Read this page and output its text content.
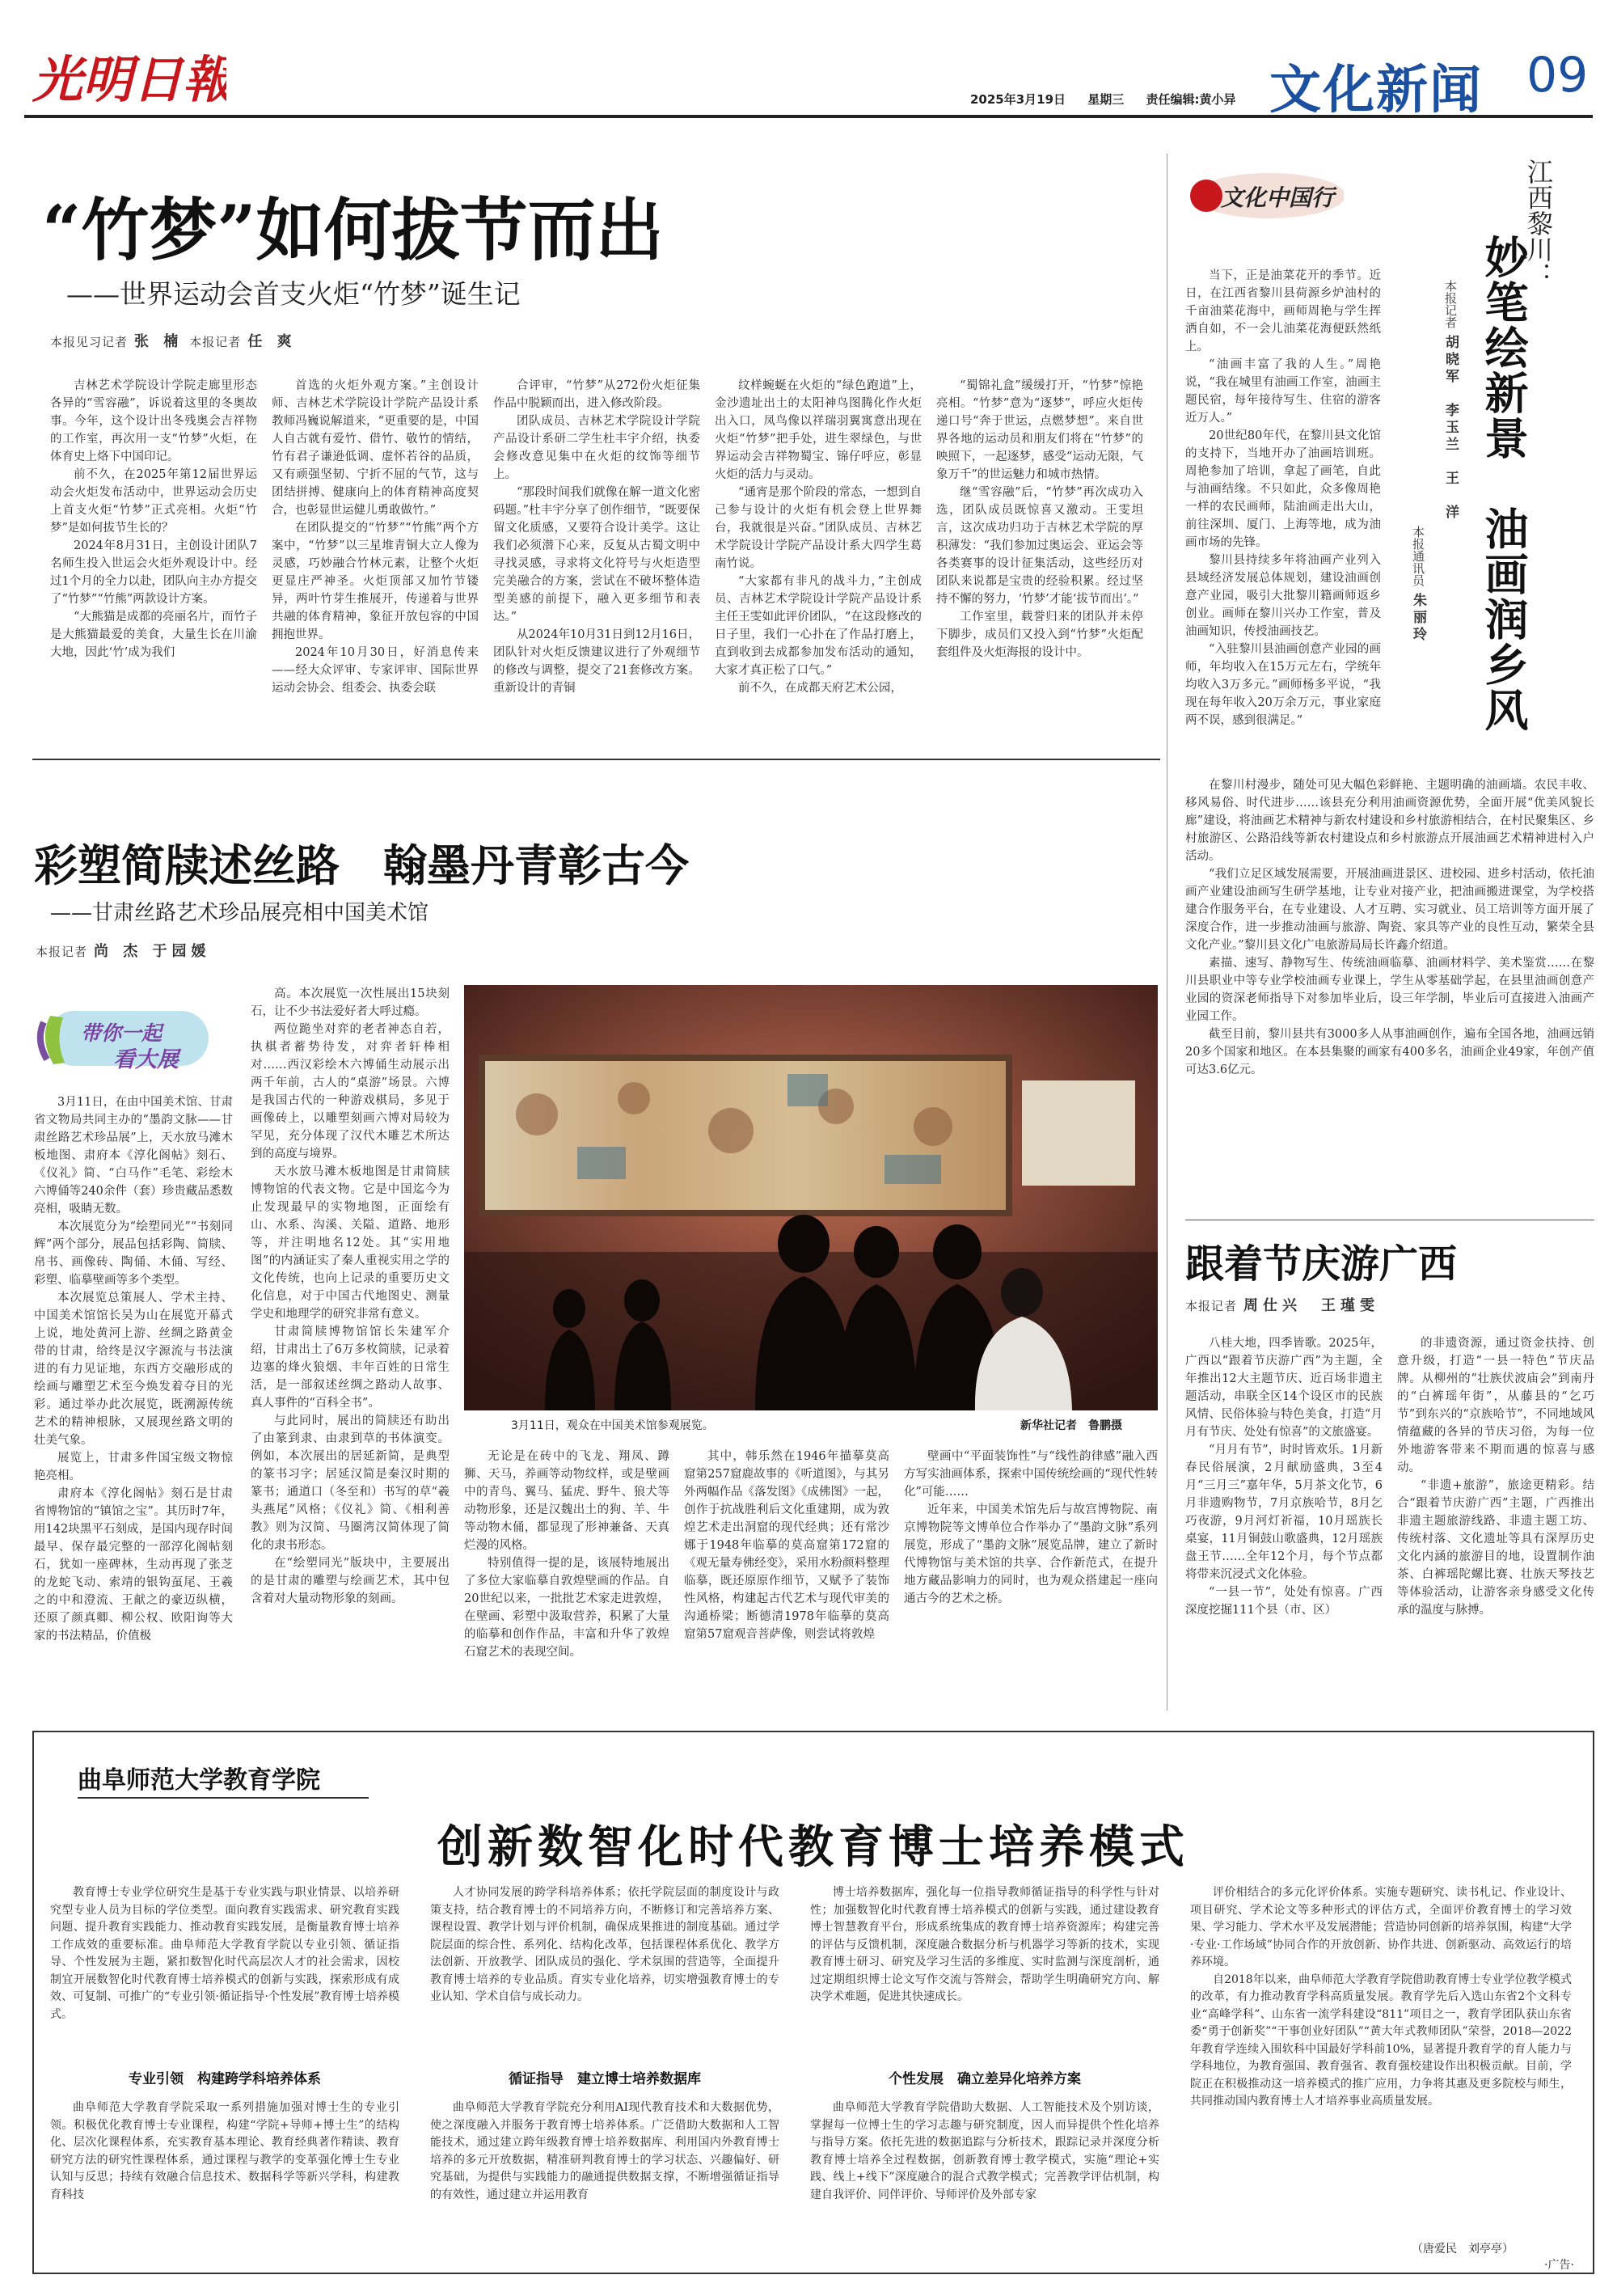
光明日報	2025年3月19日 星期三 责任编辑:黄小异 文化新闻 09
“竹梦”如何拔节而出
——世界运动会首支火炬“竹梦”诞生记
本报见习记者 张 楠 本报记者 任 爽

吉林艺术学院设计学院走廊里形态各异的“雪容融”，诉说着这里的冬奥故事。今年，这个设计出冬残奥会吉祥物的工作室，再次用一支“竹梦”火炬，在体育史上烙下中国印记。

前不久，在2025年第12届世界运动会火炬发布活动中，世界运动会历史上首支火炬“竹梦”正式亮相。火炬“竹梦”是如何拔节生长的？

2024年8月31日，主创设计团队7名师生投入世运会火炬外观设计中。经过1个月的全力以赴，团队向主办方提交了“竹梦”“竹熊”两款设计方案。

“大熊猫是成都的亮丽名片，而竹子是大熊猫最爱的美食，大量生长在川渝大地，因此‘竹’成为我们

首选的火炬外观方案。”主创设计师、吉林艺术学院设计学院产品设计系教师冯巍说解道来，“更重要的是，中国人自古就有爱竹、借竹、敬竹的情结，竹有君子谦逊低调、虚怀若谷的品质，又有顽强坚韧、宁折不屈的气节，这与团结拼搏、健康向上的体育精神高度契合，也彰显世运健儿勇敢做竹。”

在团队提交的“竹梦”“竹熊”两个方案中，“竹梦”以三星堆青铜大立人像为灵感，巧妙融合竹林元素，让整个火炬更显庄严神圣。火炬顶部又加竹节镂异，两叶竹芽生推展开，传递着与世界共融的体育精神，象征开放包容的中国拥抱世界。

2024年10月30日，好消息传来——经大众评审、专家评审、国际世界运动会协会、组委会、执委会联

合评审，“竹梦”从272份火炬征集作品中脱颖而出，进入修改阶段。

团队成员、吉林艺术学院设计学院产品设计系研二学生杜丰宇介绍，执委会修改意见集中在火炬的纹饰等细节上。

“那段时间我们就像在解一道文化密码题。”杜丰宇分享了创作细节，“既要保留文化质感，又要符合设计美学。这让我们必须潜下心来，反复从古蜀文明中寻找灵感，寻求将文化符号与火炬造型完美融合的方案，尝试在不破坏整体造型美感的前提下，融入更多细节和表达。”

从2024年10月31日到12月16日，团队针对火炬反馈建议进行了外观细节的修改与调整，提交了21套修改方案。重新设计的青铜

纹样蜿蜒在火炬的“绿色跑道”上，金沙遗址出土的太阳神鸟图腾化作火炬出入口，凤鸟像以祥瑞羽翼寓意出现在火炬“竹梦”把手处，进生翠绿色，与世界运动会吉祥物蜀宝、锦仔呼应，彰显火炬的活力与灵动。

“通宵是那个阶段的常态，一想到自己参与设计的火炬有机会登上世界舞台，我就很是兴奋。”团队成员、吉林艺术学院设计学院产品设计系大四学生葛南竹说。

“大家都有非凡的战斗力，”主创成员、吉林艺术学院设计学院产品设计系主任王雯如此评价团队，“在这段修改的日子里，我们一心扑在了作品打磨上，直到收到去成都参加发布活动的通知，大家才真正松了口气。”

前不久，在成都天府艺术公园，

“蜀锦礼盒”缓缓打开，“竹梦”惊艳亮相。“竹梦”意为“逐梦”，呼应火炬传递口号“奔于世运，点燃梦想”。来自世界各地的运动员和朋友们将在“竹梦”的映照下，一起逐梦，感受“运动无限，气象万千”的世运魅力和城市热情。

继“雪容融”后，“竹梦”再次成功入选，团队成员既惊喜又激动。王雯坦言，这次成功归功于吉林艺术学院的厚积薄发：“我们参加过奥运会、亚运会等各类赛事的设计征集活动，这些经历对团队来说都是宝贵的经验积累。经过坚持不懈的努力，‘竹梦’才能‘拔节而出’。”

工作室里，载誉归来的团队并未停下脚步，成员们又投入到“竹梦”火炬配套组件及火炬海报的设计中。

彩塑简牍述丝路　翰墨丹青彰古今
——甘肃丝路艺术珍品展亮相中国美术馆
本报记者 尚 杰 于园媛
带你一起
看大展

3月11日，在由中国美术馆、甘肃省文物局共同主办的“墨韵文脉——甘肃丝路艺术珍品展”上，天水放马滩木板地图、肃府本《淳化阁帖》刻石、《仪礼》简、“白马作”毛笔、彩绘木六博俑等240余件（套）珍贵藏品悉数亮相，吸睛无数。

本次展览分为“绘塑同光”“书刻同辉”两个部分，展品包括彩陶、简牍、帛书、画像砖、陶俑、木俑、写经、彩塑、临摹壁画等多个类型。

本次展览总策展人、学术主持、中国美术馆馆长吴为山在展览开幕式上说，地处黄河上游、丝绸之路黄金带的甘肃，给终是汉字源流与书法演进的有力见证地，东西方交融形成的绘画与雕塑艺术至今焕发着夺目的光彩。通过举办此次展览，既溯源传统艺术的精神根脉，又展现丝路文明的壮美气象。

展览上，甘肃多件国宝级文物惊艳亮相。

肃府本《淳化阁帖》刻石是甘肃省博物馆的“镇馆之宝”。其历时7年，用142块黑平石刻成，是国内现存时间最早、保存最完整的一部淳化阁帖刻石，犹如一座碑林，生动再现了张芝的龙蛇飞动、索靖的银钩虿尾、王羲之的中和澄流、王献之的豪迈纵横，还原了颜真卿、柳公权、欧阳询等大家的书法精品，价值极

高。本次展览一次性展出15块刻石，让不少书法爱好者大呼过瘾。

两位跪坐对弈的老者神态自若，执棋者蓄势待发，对弈者轩棒相对……西汉彩绘木六博俑生动展示出两千年前，古人的“桌游”场景。六博是我国古代的一种游戏棋局，多见于画像砖上，以雕塑刻画六博对局较为罕见，充分体现了汉代木雕艺术所达到的高度与境界。

天水放马滩木板地图是甘肃简牍博物馆的代表文物。它是中国迄今为止发现最早的实物地图，正面绘有山、水系、沟溪、关隘、道路、地形等，并注明地名12处。其“实用地图”的内涵证实了秦人重视实用之学的文化传统，也向上记录的重要历史文化信息，对于中国古代地图史、测量学史和地理学的研究非常有意义。

甘肃简牍博物馆馆长朱建军介绍，甘肃出土了6万多枚简牍，记录着边塞的烽火狼烟、丰年百姓的日常生活，是一部叙述丝绸之路动人故事、真人事件的“百科全书”。

与此同时，展出的简牍还有助出了由篆到隶、由隶到草的书体演变。例如，本次展出的居延新简，是典型的篆书习字；居延汉简是秦汉时期的篆书；通道口（冬至和）书写的草“羲头燕尾”风格；《仪礼》简、《相利善教》则为汉简、马圈湾汉简体现了简化的隶书形态。

在“绘塑同光”版块中，主要展出的是甘肃的雕塑与绘画艺术，其中包含着对大量动物形象的刻画。

3月11日，观众在中国美术馆参观展览。	新华社记者　鲁鹏摄

无论是在砖中的飞龙、翔凤、蹲狮、天马，养画等动物纹样，或是壁画中的青鸟、翼马、猛虎、野牛、狼犬等动物形象，还是汉魏出土的狗、羊、牛等动物木俑，都显现了形神兼备、天真烂漫的风格。

特别值得一提的是，该展特地展出了多位大家临摹自敦煌壁画的作品。自20世纪以来，一批批艺术家走进敦煌，在壁画、彩塑中汲取营养，积累了大量的临摹和创作作品，丰富和升华了敦煌石窟艺术的表现空间。

其中，韩乐然在1946年描摹莫高窟第257窟鹿故事的《听道图》，与其另外两幅作品《落发图》《成佛图》一起，创作于抗战胜利后文化重建期，成为敦煌艺术走出洞窟的现代经典；还有常沙娜于1948年临摹的莫高窟第172窟的《观无量寿佛经变》，采用水粉颜料整理临摹，既还原原作细节，又赋予了装饰性风格，构建起古代艺术与现代审美的沟通桥梁；断德清1978年临摹的莫高窟第57窟观音菩萨像，则尝试将敦煌

壁画中“平面装饰性”与“线性韵律感”融入西方写实油画体系，探索中国传统绘画的“现代性转化”可能……

近年来，中国美术馆先后与故宫博物院、南京博物院等文博单位合作举办了“墨韵文脉”系列展览，形成了“墨韵文脉”展览品牌，建立了新时代博物馆与美术馆的共享、合作新范式，在提升地方藏品影响力的同时，也为观众搭建起一座向通古今的艺术之桥。

文化中国行	江西黎川：
妙笔绘新景　油画润乡风
本报记者胡晓军　李玉兰　王　洋
本报通讯员朱丽玲

当下，正是油菜花开的季节。近日，在江西省黎川县荷源乡炉油村的千亩油菜花海中，画师周艳与学生挥洒自如，不一会儿油菜花海便跃然纸上。

“油画丰富了我的人生。”周艳说，“我在城里有油画工作室，油画主题民宿，每年接待写生、住宿的游客近万人。”

20世纪80年代，在黎川县文化馆的支持下，当地开办了油画培训班。周艳参加了培训，拿起了画笔，自此与油画结缘。不只如此，众多像周艳一样的农民画师，陆油画走出大山，前往深圳、厦门、上海等地，成为油画市场的先锋。

黎川县持续多年将油画产业列入县域经济发展总体规划，建设油画创意产业园，吸引大批黎川籍画师返乡创业。画师在黎川兴办工作室，普及油画知识，传授油画技艺。

“入驻黎川县油画创意产业园的画师，年均收入在15万元左右，学统年均收入3万多元。”画师杨多平说，“我现在每年收入20万余万元，事业家庭两不误，感到很满足。”

在黎川村漫步，随处可见大幅色彩鲜艳、主题明确的油画墙。农民丰收、移风易俗、时代进步……该县充分利用油画资源优势，全面开展“优美风貌长廊”建设，将油画艺术精神与新农村建设和乡村旅游相结合，在村民聚集区、乡村旅游区、公路沿线等新农村建设点和乡村旅游点开展油画艺术精神进村入户活动。

“我们立足区域发展需要，开展油画进景区、进校园、进乡村活动，依托油画产业建设油画写生研学基地，让专业对接产业，把油画搬进课堂，为学校搭建合作服务平台，在专业建设、人才互聘、实习就业、员工培训等方面开展了深度合作，进一步推动油画与旅游、陶瓷、家具等产业的良性互动，繁荣全县文化产业。”黎川县文化广电旅游局局长许鑫介绍道。

素描、速写、静物写生、传统油画临摹、油画材料学、美术鉴赏……在黎川县职业中等专业学校油画专业课上，学生从零基础学起，在县里油画创意产业园的资深老师指导下对参加毕业后，设三年学制，毕业后可直接进入油画产业园工作。

截至目前，黎川县共有3000多人从事油画创作，遍布全国各地，油画远销20多个国家和地区。在本县集聚的画家有400多名，油画企业49家，年创产值可达3.6亿元。

跟着节庆游广西
本报记者 周仕兴　王瑾雯

八桂大地，四季皆歌。2025年，广西以“跟着节庆游广西”为主题，全年推出12大主题节庆、近百场非遗主题活动，串联全区14个设区市的民族风情、民俗体验与特色美食，打造“月月有节庆、处处有惊喜”的文旅盛宴。

“月月有节”，时时皆欢乐。1月新春民俗展演，2月献励盛典，3至4月“三月三”嘉年华，5月茶文化节，6月非遗购物节，7月京族哈节，8月乞巧夜游，9月河灯祈福，10月瑶族长桌宴，11月铜鼓山歌盛典，12月瑶族盘王节……全年12个月，每个节点都将带来沉浸式文化体验。

“一县一节”，处处有惊喜。广西深度挖掘111个县（市、区）

的非遗资源，通过资金扶持、创意升级，打造“一县一特色”节庆品牌。从柳州的“壮族伏波庙会”到南丹的“白裤瑶年街”，从藤县的“乞巧节”到东兴的“京族哈节”，不同地域风情蕴藏的各异的节庆习俗，为每一位外地游客带来不期而遇的惊喜与感动。

“非遗+旅游”，旅途更精彩。结合“跟着节庆游广西”主题，广西推出非遗主题旅游线路、非遗主题工坊、传统村落、文化遗址等具有深厚历史文化内涵的旅游目的地，设置制作油茶、白裤瑶陀螺比赛、壮族天琴技艺等体验活动，让游客亲身感受文化传承的温度与脉搏。

曲阜师范大学教育学院
创新数智化时代教育博士培养模式

教育博士专业学位研究生是基于专业实践与职业情景、以培养研究型专业人员为目标的学位类型。面向教育实践需求、研究教育实践问题、提升教育实践能力、推动教育实践发展，是衡量教育博士培养工作成效的重要标准。曲阜师范大学教育学院以专业引领、循证指导、个性发展为主题，紧扣数智化时代高层次人才的社会需求，因校制宜开展数智化时代教育博士培养模式的创新与实践，探索形成有成效、可复制、可推广的“专业引领·循证指导·个性发展”教育博士培养模式。

专业引领　构建跨学科培养体系

曲阜师范大学教育学院采取一系列措施加强对博士生的专业引领。积极优化教育博士专业课程，构建“学院+导师+博士生”的结构化、层次化课程体系，充实教育基本理论、教育经典著作精读、教育研究方法的研究性课程体系，通过课程与教学的变革强化博士生专业认知与反思；持续有效融合信息技术、数据科学等新兴学科，构建教育科技

人才协同发展的跨学科培养体系；依托学院层面的制度设计与政策支持，结合教育博士的不同培养方向，不断修订和完善培养方案、课程设置、教学计划与评价机制，确保成果推进的制度基础。通过学院层面的综合性、系列化、结构化改革，包括课程体系优化、教学方法创新、开放教学、团队成员的强化、学术氛围的营造等，全面提升教育博士培养的专业品质。育实专业化培养，切实增强教育博士的专业认知、学术自信与成长动力。

循证指导　建立博士培养数据库

曲阜师范大学教育学院充分利用AI现代教育技术和大数据优势，使之深度融入并服务于教育博士培养体系。广泛借助大数据和人工智能技术，通过建立跨年级教育博士培养数据库、利用国内外教育博士培养的多元开放数据，精准研判教育博士的学习状态、兴趣偏好、研究基础，为提供与实践能力的融通提供数据支撑，不断增强循证指导的有效性，通过建立并运用教育

博士培养数据库，强化每一位指导教师循证指导的科学性与针对性；加强数智化时代教育博士培养模式的创新与实践，通过建设教育博士智慧教育平台，形成系统集成的教育博士培养资源库；构建完善的评估与反馈机制，深度融合数据分析与机器学习等新的技术，实现教育博士研习、研究及学习生活的多维度、实时监测与深度剖析，通过定期组织博士论文写作交流与答辩会，帮助学生明确研究方向、解决学术难题，促进其快速成长。

个性发展　确立差异化培养方案

曲阜师范大学教育学院借助大数据、人工智能技术及个别访谈，掌握每一位博士生的学习志趣与研究制度，因人而异提供个性化培养与指导方案。依托先进的数据追踪与分析技术，跟踪记录并深度分析教育博士培养全过程数据，创新教育博士教学模式，实施“理论+实践、线上+线下”深度融合的混合式教学模式；完善教学评估机制，构建自我评价、同伴评价、导师评价及外部专家

评价相结合的多元化评价体系。实施专题研究、读书札记、作业设计、项目研究、学术论文等多种形式的评估方式，全面评价教育博士的学习效果、学习能力、学术水平及发展潜能；营造协同创新的培养氛围，构建“大学·专业·工作场域”协同合作的开放创新、协作共进、创新驱动、高效运行的培养环境。

自2018年以来，曲阜师范大学教育学院借助教育博士专业学位教学模式的改革，有力推动教育学科高质量发展。教育学先后入选山东省2个文科专业“高峰学科”、山东省一流学科建设“811”项目之一，教育学团队获山东省委“勇于创新奖”“干事创业好团队”“黄大年式教师团队”荣誉，2018—2022年教育学连续入围软科中国最好学科前10%，显著提升教育学的育人能力与学科地位，为教育强国、教育强省、教育强校建设作出积极贡献。目前，学院正在积极推动这一培养模式的推广应用，力争将其惠及更多院校与师生，共同推动国内教育博士人才培养事业高质量发展。

（唐爱民　刘亭亭）
·广告·
